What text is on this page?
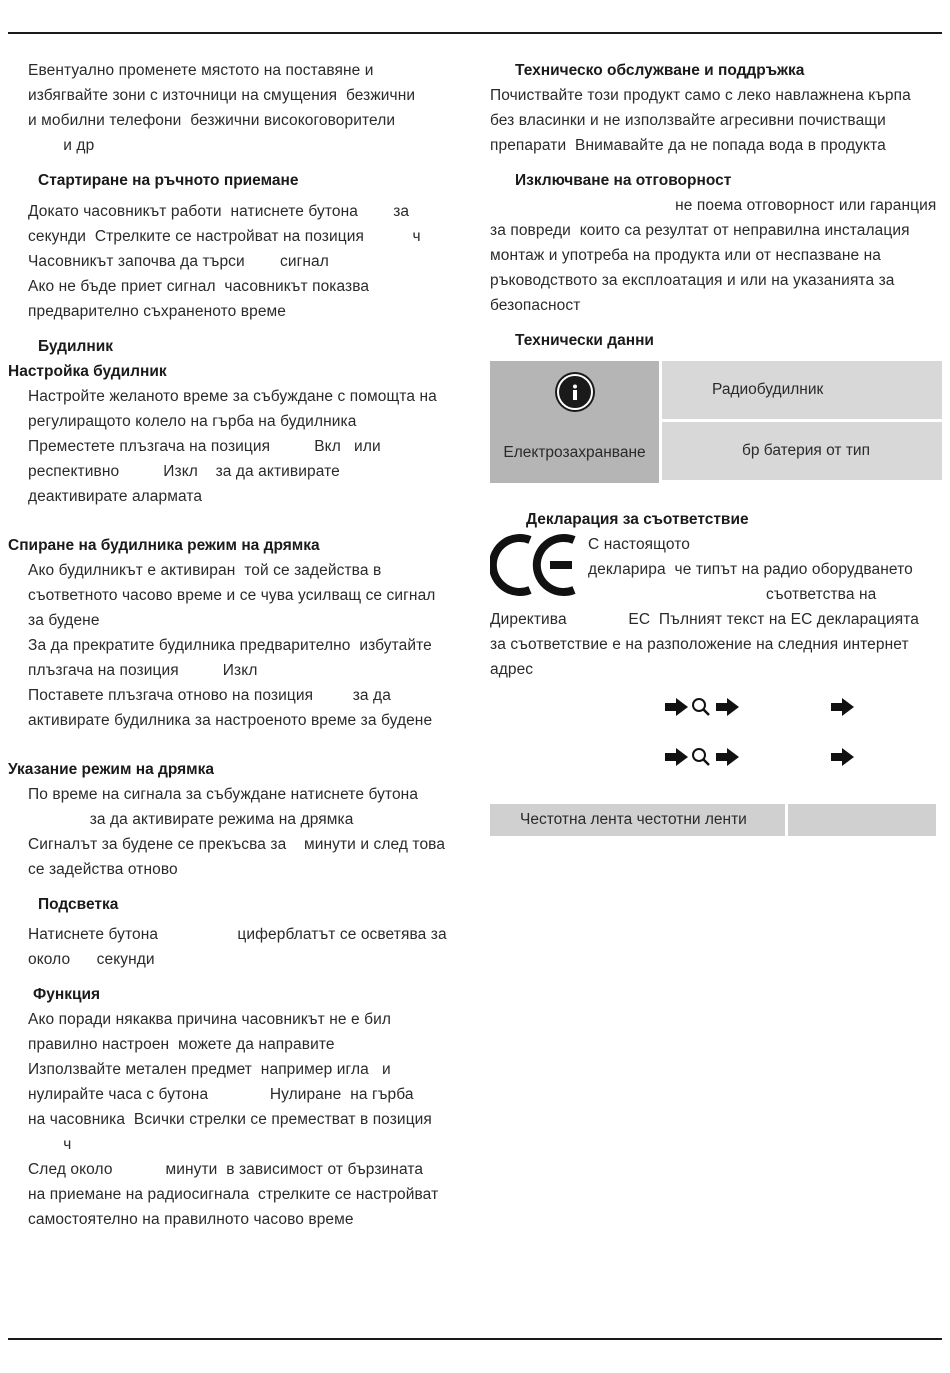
Евентуално променете мястото на поставяне и
избягвайте зони с източници на смущения  безжични
и мобилни телефони  безжични високоговорители
и др
Стартиране на ръчното приемане
Докато часовникът работи  натиснете бутона        за
секунди  Стрелките се настройват на позиция           ч
Часовникът започва да търси        сигнал
Ако не бъде приет сигнал  часовникът показва
предварително съхраненото време
Будилник
Настройка будилник
Настройте желаното време за събуждане с помощта на
регулиращото колело на гърба на будилника
Преместете плъзгача на позиция          Вкл   или
респективно          Изкл    за да активирате
деактивирате алармата
Спиране на будилника режим на дрямка
Ако будилникът е активиран  той се задейства в
съответното часово време и се чува усилващ се сигнал
за будене
За да прекратите будилника предварително  избутайте
плъзгача на позиция          Изкл
Поставете плъзгача отново на позиция         за да
активирате будилника за настроеното време за будене
Указание режим на дрямка
По време на сигнала за събуждане натиснете бутона
за да активирате режима на дрямка
Сигналът за будене се прекъсва за    минути и след това
се задейства отново
Подсветка
Натиснете бутона                  циферблатът се осветява за
около      секунди
Функция
Ако поради някаква причина часовникът не е бил
правилно настроен  можете да направите
Използвайте метален предмет  например игла   и
нулирайте часа с бутона              Нулиране  на гърба
на часовника  Всички стрелки се преместват в позиция
ч
След около            минути  в зависимост от бързината
на приемане на радиосигнала  стрелките се настройват
самостоятелно на правилното часово време
Техническо обслужване и поддръжка
Почиствайте този продукт само с леко навлажнена кърпа
без власинки и не използвайте агресивни почистващи
препарати  Внимавайте да не попада вода в продукта
Изключване на отговорност
не поема отговорност или гаранция
за повреди  които са резултат от неправилна инсталация
монтаж и употреба на продукта или от неспазване на
ръководството за експлоатация и или на указанията за
безопасност
Технически данни
	Радиобудилник
Електрозахранване	бр батерия от тип
Декларация за съответствие
С настоящото
декларира  че типът на радио оборудването
съответства на
Директива              ЕС  Пълният текст на ЕС декларацията
за съответствие е на разположение на следния интернет
адрес
Честотна лента честотни ленти
